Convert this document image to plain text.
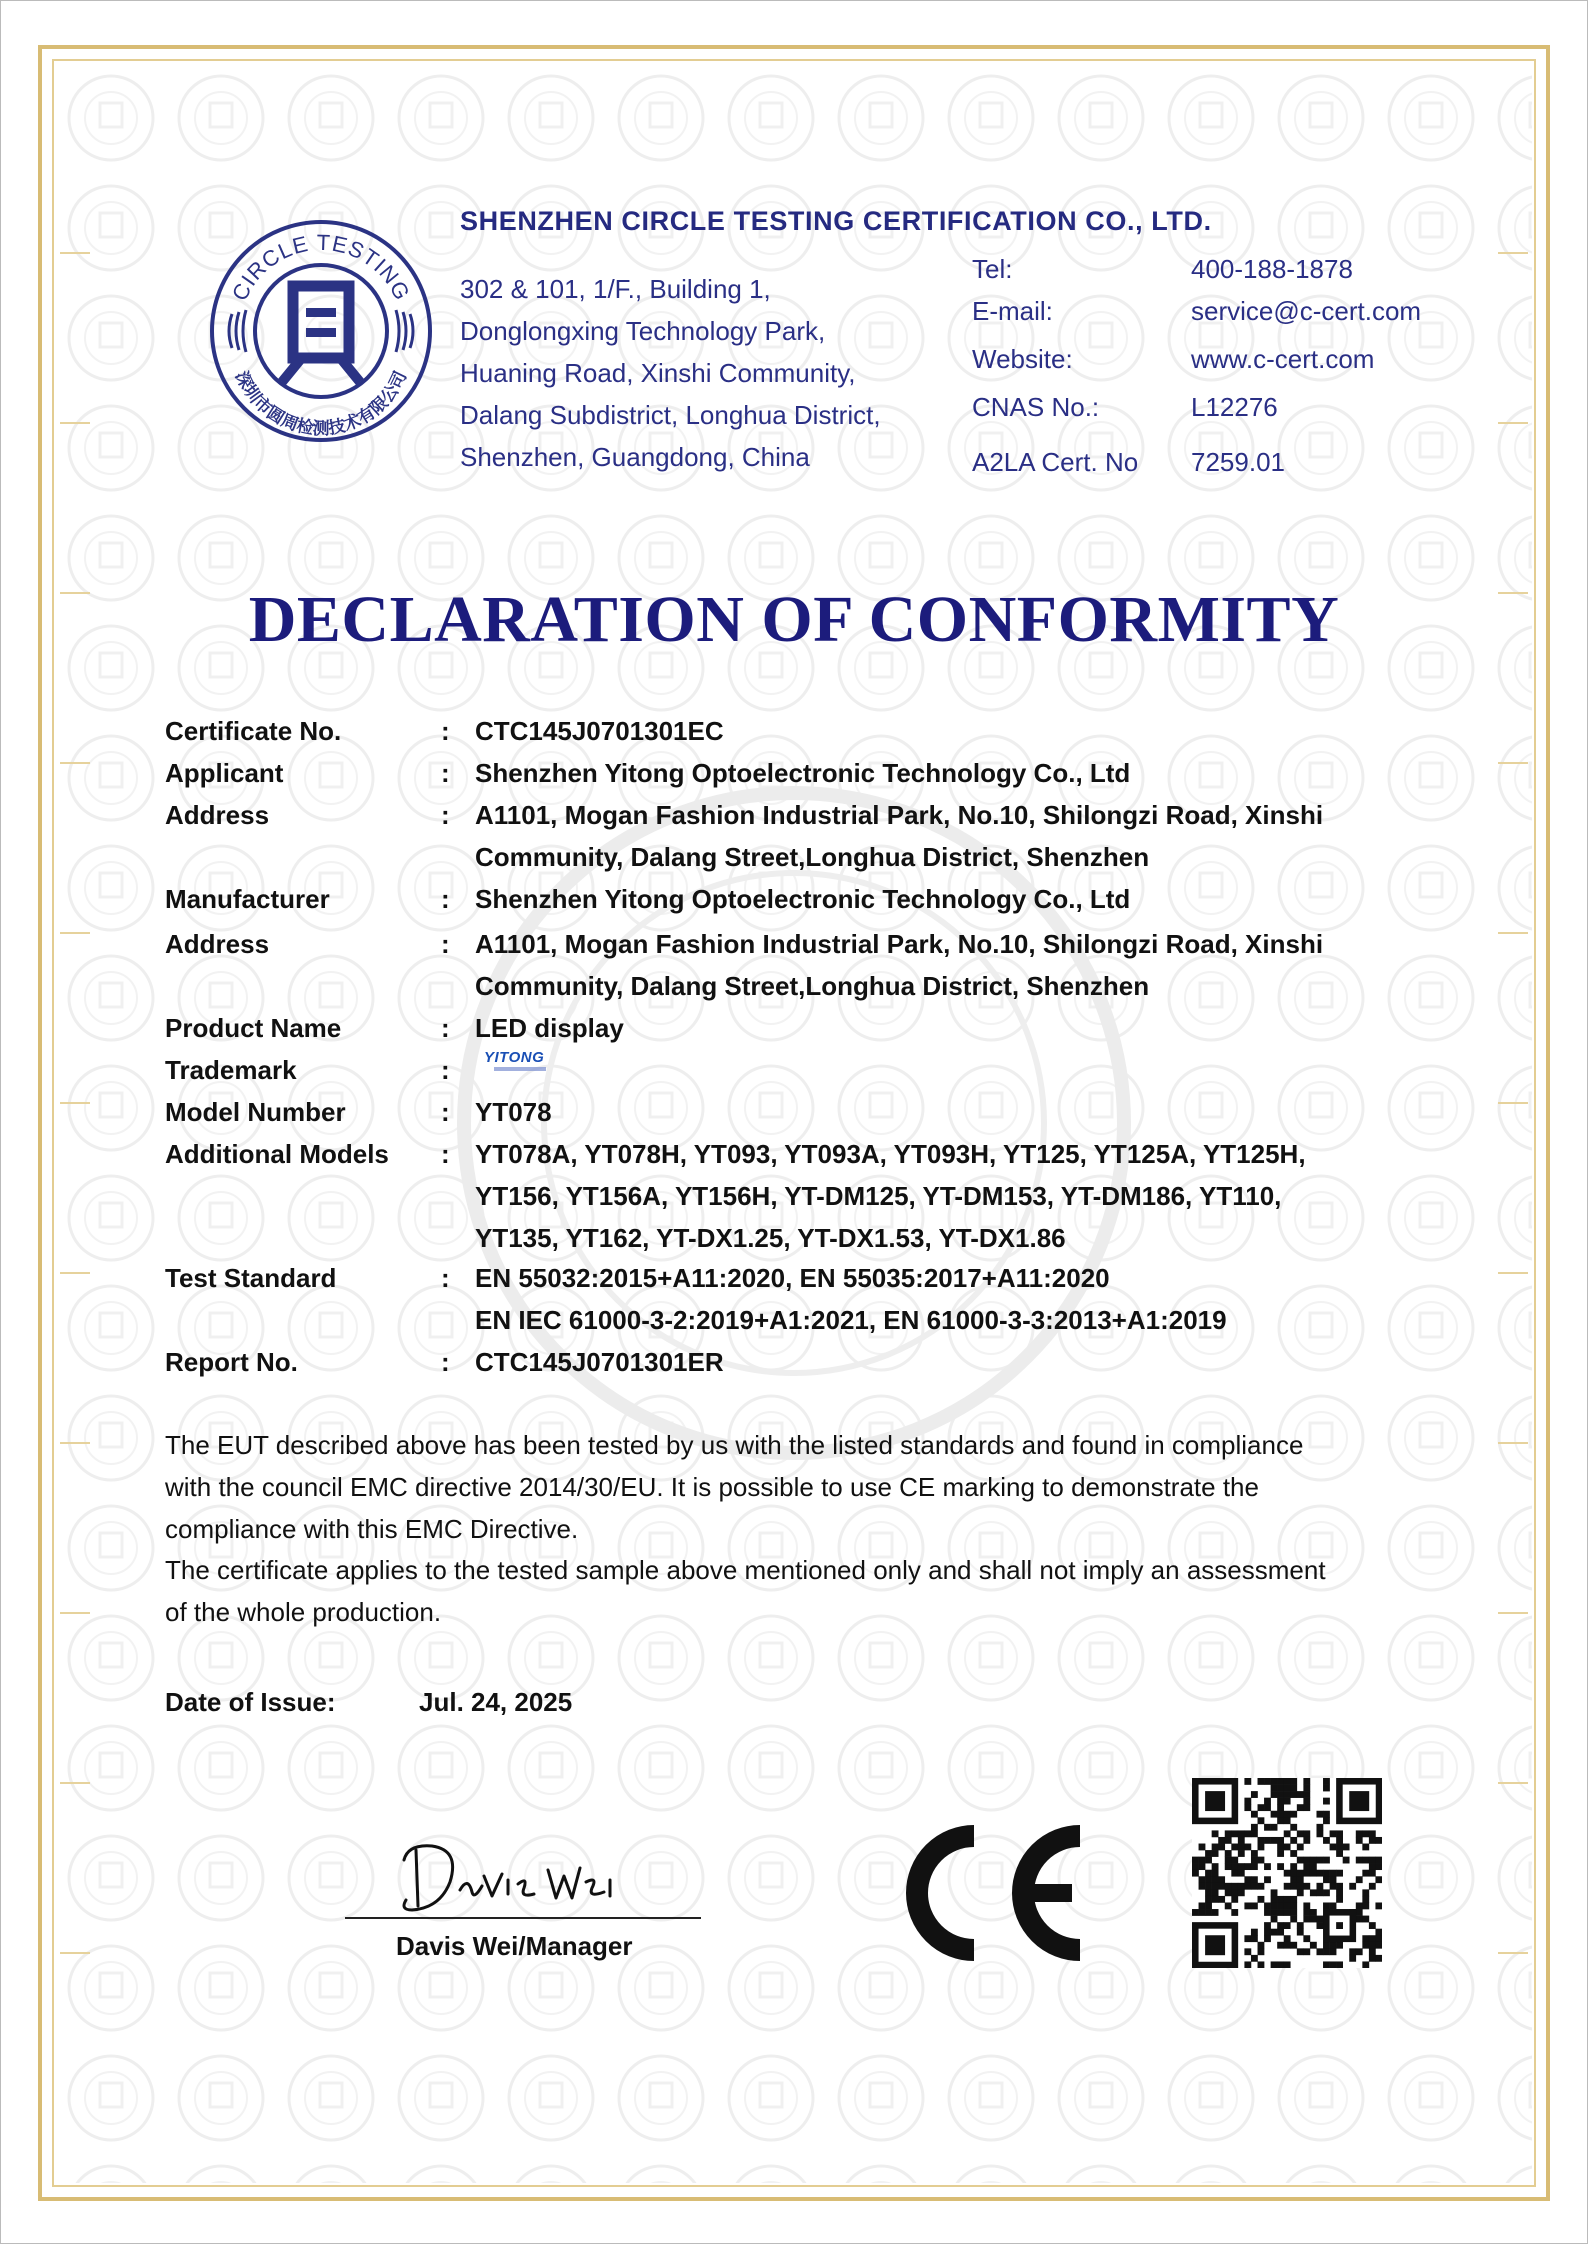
CIRCLE TESTING
深圳市圆周检测技术有限公司
SHENZHEN CIRCLE TESTING CERTIFICATION CO., LTD.
302 & 101, 1/F., Building 1,
Donglongxing Technology Park,
Huaning Road, Xinshi Community,
Dalang Subdistrict, Longhua District,
Shenzhen, Guangdong, China
Tel:	400-188-1878
E-mail:	service@c-cert.com
Website:	www.c-cert.com
CNAS No.:	L12276
A2LA Cert. No 7259.01
DECLARATION OF CONFORMITY
Certificate No.	: CTC145J0701301EC
Applicant	: Shenzhen Yitong Optoelectronic Technology Co., Ltd
Address	: A1101, Mogan Fashion Industrial Park, No.10, Shilongzi Road, Xinshi
Community, Dalang Street,Longhua District, Shenzhen
Manufacturer	: Shenzhen Yitong Optoelectronic Technology Co., Ltd
Address	: A1101, Mogan Fashion Industrial Park, No.10, Shilongzi Road, Xinshi
Community, Dalang Street,Longhua District, Shenzhen
Product Name	: LED display
Trademark	: YITONG
Model Number	: YT078
Additional Models : YT078A, YT078H, YT093, YT093A, YT093H, YT125, YT125A, YT125H,
YT156, YT156A, YT156H, YT-DM125, YT-DM153, YT-DM186, YT110,
YT135, YT162, YT-DX1.25, YT-DX1.53, YT-DX1.86
Test Standard	: EN 55032:2015+A11:2020, EN 55035:2017+A11:2020
EN IEC 61000-3-2:2019+A1:2021, EN 61000-3-3:2013+A1:2019
Report No.	: CTC145J0701301ER
The EUT described above has been tested by us with the listed standards and found in compliance
with the council EMC directive 2014/30/EU. It is possible to use CE marking to demonstrate the
compliance with this EMC Directive.
The certificate applies to the tested sample above mentioned only and shall not imply an assessment
of the whole production.
Date of Issue:	Jul. 24, 2025
Davis Wei/Manager
